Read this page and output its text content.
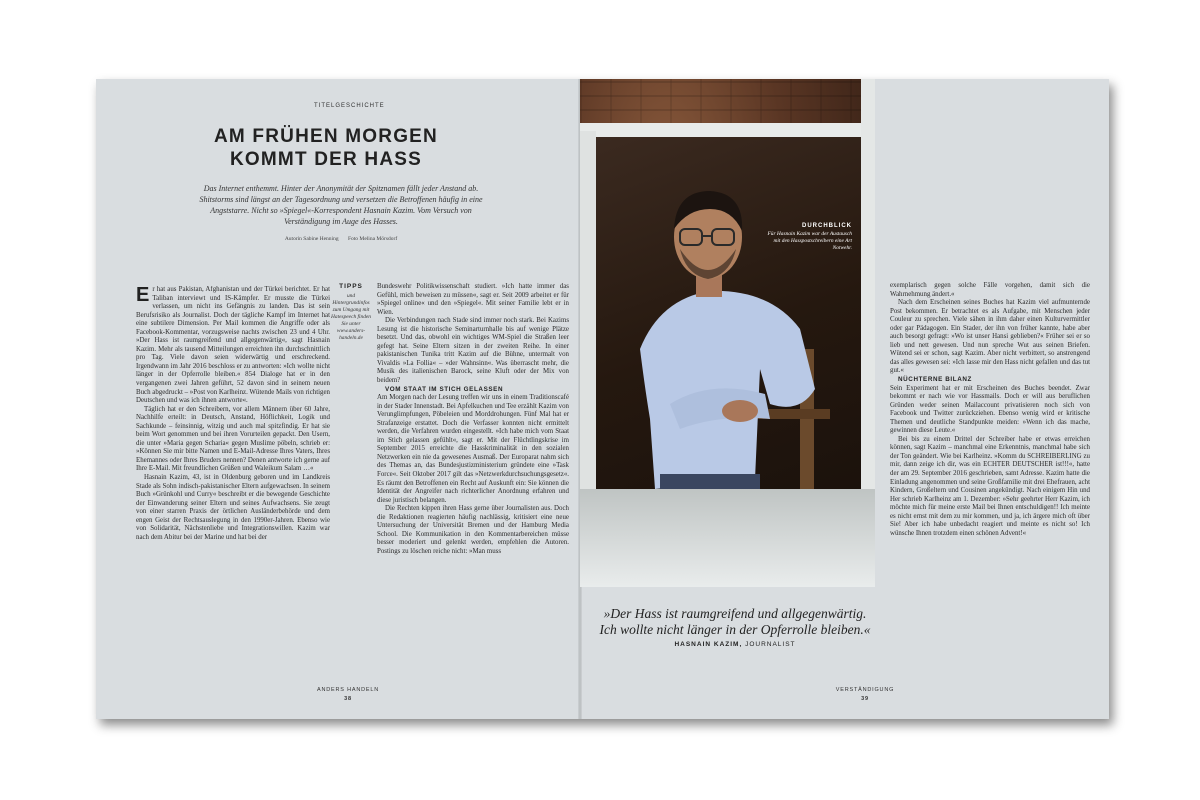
TITELGESCHICHTE
AM FRÜHEN MORGEN
KOMMT DER HASS

Das Internet enthemmt. Hinter der Anonymität der Spitznamen fällt jeder Anstand ab. Shitstorms sind längst an der Tagesordnung und versetzen die Betroffenen häufig in eine Angststarre. Nicht so »Spiegel«-Korrespondent Hasnain Kazim. Vom Versuch von Verständigung im Auge des Hasses.

Autorin Sabine Henning Foto Melina Mörsdorf

Er hat aus Pakistan, Afghanistan und der Türkei berichtet. Er hat Taliban interviewt und IS-Kämpfer. Er musste die Türkei verlassen, um nicht ins Gefängnis zu landen. Das ist sein Berufsrisiko als Journalist. Doch der tägliche Kampf im Internet hat eine subtilere Dimension. Per Mail kommen die Angriffe oder als Facebook-Kommentar, vorzugsweise nachts zwischen 23 und 4 Uhr. »Der Hass ist raumgreifend und allgegenwärtig«, sagt Hasnain Kazim. Mehr als tausend Mitteilungen erreichten ihn durchschnittlich pro Tag. Viele davon seien widerwärtig und erschreckend. Irgendwann im Jahr 2016 beschloss er zu antworten: »Ich wollte nicht länger in der Opferrolle bleiben.« 854 Dialoge hat er in den vergangenen zwei Jahren geführt, 52 davon sind in seinem neuen Buch abgedruckt – »Post von Karlheinz. Wütende Mails von richtigen Deutschen und was ich ihnen antworte«.

Täglich hat er den Schreibern, vor allem Männern über 60 Jahre, Nachhilfe erteilt: in Deutsch, Anstand, Höflichkeit, Logik und Sachkunde – feinsinnig, witzig und auch mal spitzfindig. Er hat sie beim Wort genommen und bei ihren Vorurteilen gepackt. Den Usern, die unter »Maria gegen Scharia« gegen Muslime pöbeln, schrieb er: »Können Sie mir bitte Namen und E-Mail-Adresse Ihres Vaters, Ihres Ehemannes oder Ihres Bruders nennen? Denen antworte ich gerne auf Ihre E-Mail. Mit freundlichen Grüßen und Waleikum Salam …«

Hasnain Kazim, 43, ist in Oldenburg geboren und im Landkreis Stade als Sohn indisch-pakistanischer Eltern aufgewachsen. In seinem Buch »Grünkohl und Curry« beschreibt er die bewegende Geschichte der Einwanderung seiner Eltern und seines Aufwachsens. Sie zeugt von einer starren Praxis der örtlichen Ausländerbehörde und dem engen Geist der Rechtsauslegung in den 1990er-Jahren. Ebenso wie von Solidarität, Nächstenliebe und Integrationswillen. Kazim war nach dem Abitur bei der Marine und hat bei der

TIPPS
und Hintergrundinfos zum Umgang mit Hatespeech finden Sie unter www.anders-handeln.de

Bundeswehr Politikwissenschaft studiert. »Ich hatte immer das Gefühl, mich beweisen zu müssen«, sagt er. Seit 2009 arbeitet er für »Spiegel online« und den »Spiegel«. Mit seiner Familie lebt er in Wien.

Die Verbindungen nach Stade sind immer noch stark. Bei Kazims Lesung ist die historische Seminarturnhalle bis auf wenige Plätze besetzt. Und das, obwohl ein wichtiges WM-Spiel die Straßen leer gefegt hat. Seine Eltern sitzen in der zweiten Reihe. In einer pakistanischen Tunika tritt Kazim auf die Bühne, untermalt von Vivaldis »La Follia« – »der Wahnsinn«. Was überrascht mehr, die Musik des italienischen Barock, seine Kluft oder der Mix von beidem?

VOM STAAT IM STICH GELASSEN

Am Morgen nach der Lesung treffen wir uns in einem Traditionscafé in der Stader Innenstadt. Bei Apfelkuchen und Tee erzählt Kazim von Verunglimpfungen, Pöbeleien und Morddrohungen. Fünf Mal hat er Strafanzeige erstattet. Doch die Verfasser konnten nicht ermittelt werden, die Verfahren wurden eingestellt. »Ich habe mich vom Staat im Stich gelassen gefühlt«, sagt er. Mit der Flüchtlingskrise im September 2015 erreichte die Hasskriminalität in den sozialen Netzwerken ein nie da gewesenes Ausmaß. Der Europarat nahm sich des Themas an, das Bundesjustizministerium gründete eine »Task Force«. Seit Oktober 2017 gilt das »Netzwerkdurchsuchungsgesetz«. Es räumt den Betroffenen ein Recht auf Auskunft ein: Sie können die Identität der Angreifer nach richterlicher Anordnung erfahren und diese juristisch belangen.

Die Rechten kippen ihren Hass gerne über Journalisten aus. Doch die Redaktionen reagierten häufig nachlässig, kritisiert eine neue Untersuchung der Universität Bremen und der Hamburg Media School. Die Kommunikation in den Kommentarbereichen müsse besser moderiert und gelenkt werden, empfehlen die Autoren. Postings zu löschen reiche nicht: »Man muss

ANDERS HANDELN
38
DURCHBLICK
Für Hasnain Kazim war der Austausch mit den Hasspostschreibern eine Art Notwehr.
»Der Hass ist raumgreifend und allgegenwärtig. Ich wollte nicht länger in der Opferrolle bleiben.«
HASNAIN KAZIM, JOURNALIST

exemplarisch gegen solche Fälle vorgehen, damit sich die Wahrnehmung ändert.«

Nach dem Erscheinen seines Buches hat Kazim viel aufmunternde Post bekommen. Er betrachtet es als Aufgabe, mit Menschen jeder Couleur zu sprechen. Viele sähen in ihm daher einen Kulturvermittler oder gar Pädagogen. Ein Stader, der ihn von früher kannte, habe aber auch besorgt gefragt: »Wo ist unser Hansi geblieben?« Früher sei er so lieb und nett gewesen. Und nun spreche Wut aus seinen Briefen. Wütend sei er schon, sagt Kazim. Aber nicht verbittert, so anstrengend das alles gewesen sei: »Ich lasse mir den Hass nicht gefallen und das tut gut.«

NÜCHTERNE BILANZ

Sein Experiment hat er mit Erscheinen des Buches beendet. Zwar bekommt er nach wie vor Hassmails. Doch er will aus beruflichen Gründen weder seinen Mailaccount privatisieren noch sich von Facebook und Twitter zurückziehen. Ebenso wenig wird er kritische Themen und deutliche Standpunkte meiden: »Wenn ich das mache, gewinnen diese Leute.«

Bei bis zu einem Drittel der Schreiber habe er etwas erreichen können, sagt Kazim – manchmal eine Erkenntnis, manchmal habe sich der Ton geändert. Wie bei Karlheinz. »Komm du SCHREIBERLING zu mir, dann zeige ich dir, was ein ECHTER DEUTSCHER ist!!!«, hatte der am 29. September 2016 geschrieben, samt Adresse. Kazim hatte die Einladung angenommen und seine Großfamilie mit drei Ehefrauen, acht Kindern, Großeltern und Cousinen angekündigt. Nach einigem Hin und Her schrieb Karlheinz am 1. Dezember: »Sehr geehrter Herr Kazim, ich möchte mich für meine erste Mail bei Ihnen entschuldigen!! Ich meinte es nicht ernst mit dem zu mir kommen, und ja, ich ärgere mich oft über Sie! Aber ich habe unbedacht reagiert und meinte es nicht so! Ich wünsche Ihnen trotzdem einen schönen Advent!«

VERSTÄNDIGUNG
39
